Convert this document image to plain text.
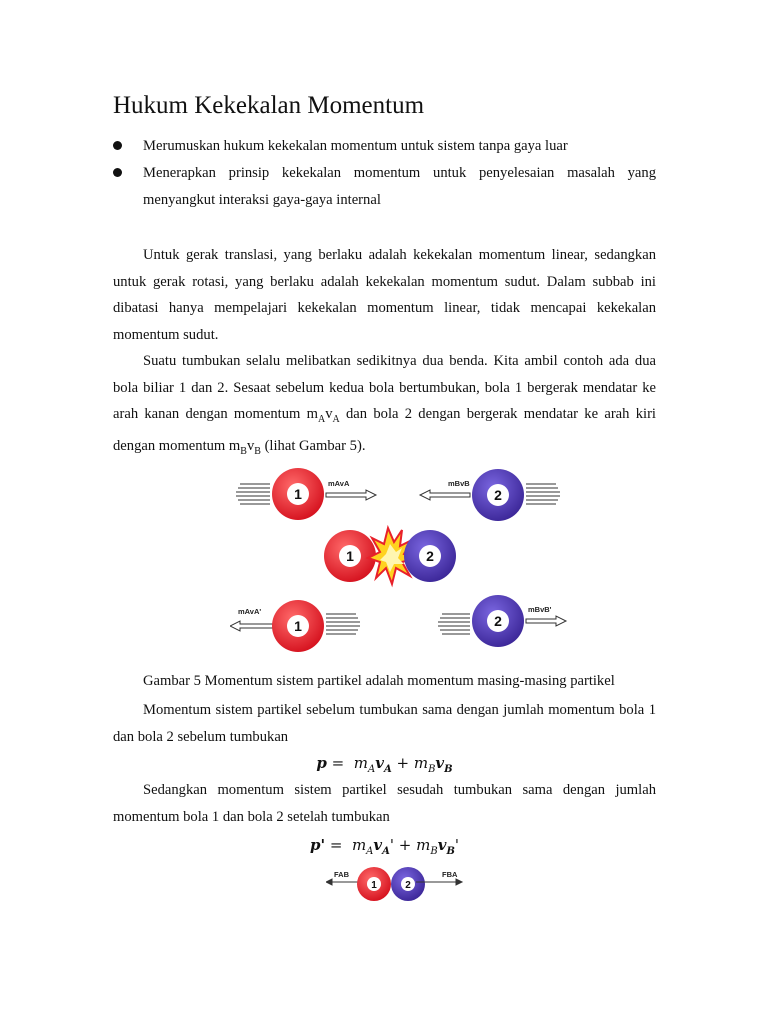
Hukum Kekekalan Momentum
Merumuskan hukum kekekalan momentum untuk sistem tanpa gaya luar
Menerapkan prinsip kekekalan momentum untuk penyelesaian masalah yang menyangkut interaksi gaya-gaya internal
Untuk gerak translasi, yang berlaku adalah kekekalan momentum linear, sedangkan untuk gerak rotasi, yang berlaku adalah kekekalan momentum sudut. Dalam subbab ini dibatasi hanya mempelajari kekekalan momentum linear, tidak mencapai kekekalan momentum sudut.
Suatu tumbukan selalu melibatkan sedikitnya dua benda. Kita ambil contoh ada dua bola biliar 1 dan 2. Sesaat sebelum kedua bola bertumbukan, bola 1 bergerak mendatar ke arah kanan dengan momentum $m_Av_A$ dan bola 2 dengan bergerak mendatar ke arah kiri dengan momentum $m_Bv_B$ (lihat Gambar 5).
1
mAvA	mBvB
2
1	2
mAvA'
1	2
mBvB'
Gambar 5 Momentum sistem partikel adalah momentum masing-masing partikel
Momentum sistem partikel sebelum tumbukan sama dengan jumlah momentum bola 1 dan bola 2 sebelum tumbukan
$p = m_Av_A + m_Bv_B$
Sedangkan momentum sistem partikel sesudah tumbukan sama dengan jumlah momentum bola 1 dan bola 2 setelah tumbukan
$p' = m_Av_A' + m_Bv_B'$
FAB
1	2
FBA
